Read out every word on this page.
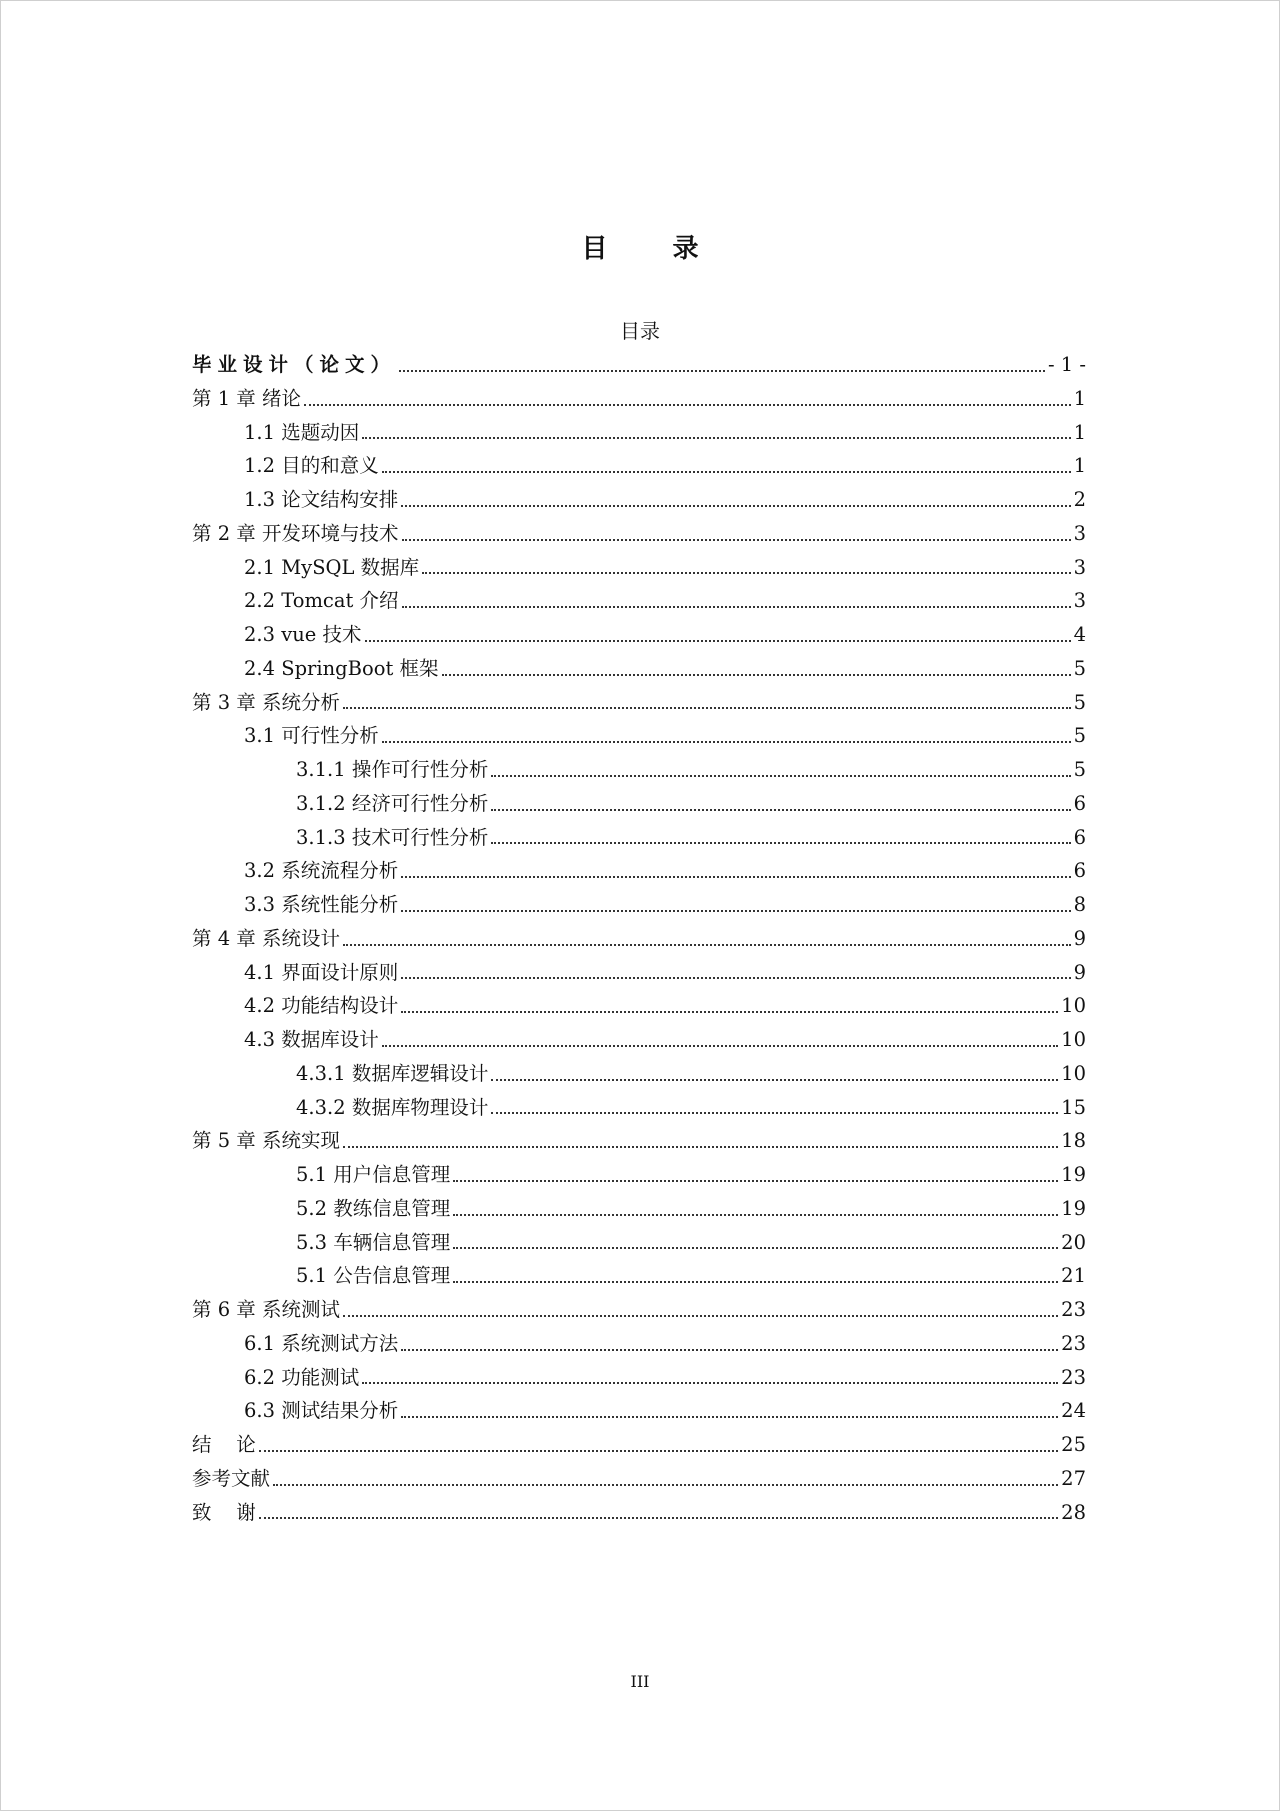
目 录
目录
毕业设计（论文）	- 1 -
第 1 章 绪论	1
1.1 选题动因	1
1.2 目的和意义	1
1.3 论文结构安排	2
第 2 章 开发环境与技术	3
2.1 MySQL 数据库	3
2.2 Tomcat 介绍	3
2.3 vue 技术	4
2.4 SpringBoot 框架	5
第 3 章 系统分析	5
3.1 可行性分析	5
3.1.1 操作可行性分析	5
3.1.2 经济可行性分析	6
3.1.3 技术可行性分析	6
3.2 系统流程分析	6
3.3 系统性能分析	8
第 4 章 系统设计	9
4.1 界面设计原则	9
4.2 功能结构设计	10
4.3 数据库设计	10
4.3.1 数据库逻辑设计	10
4.3.2 数据库物理设计	15
第 5 章 系统实现	18
5.1 用户信息管理	19
5.2 教练信息管理	19
5.3 车辆信息管理	20
5.1 公告信息管理	21
第 6 章 系统测试	23
6.1 系统测试方法	23
6.2 功能测试	23
6.3 测试结果分析	24
结    论	25
参考文献	27
致    谢	28
III
